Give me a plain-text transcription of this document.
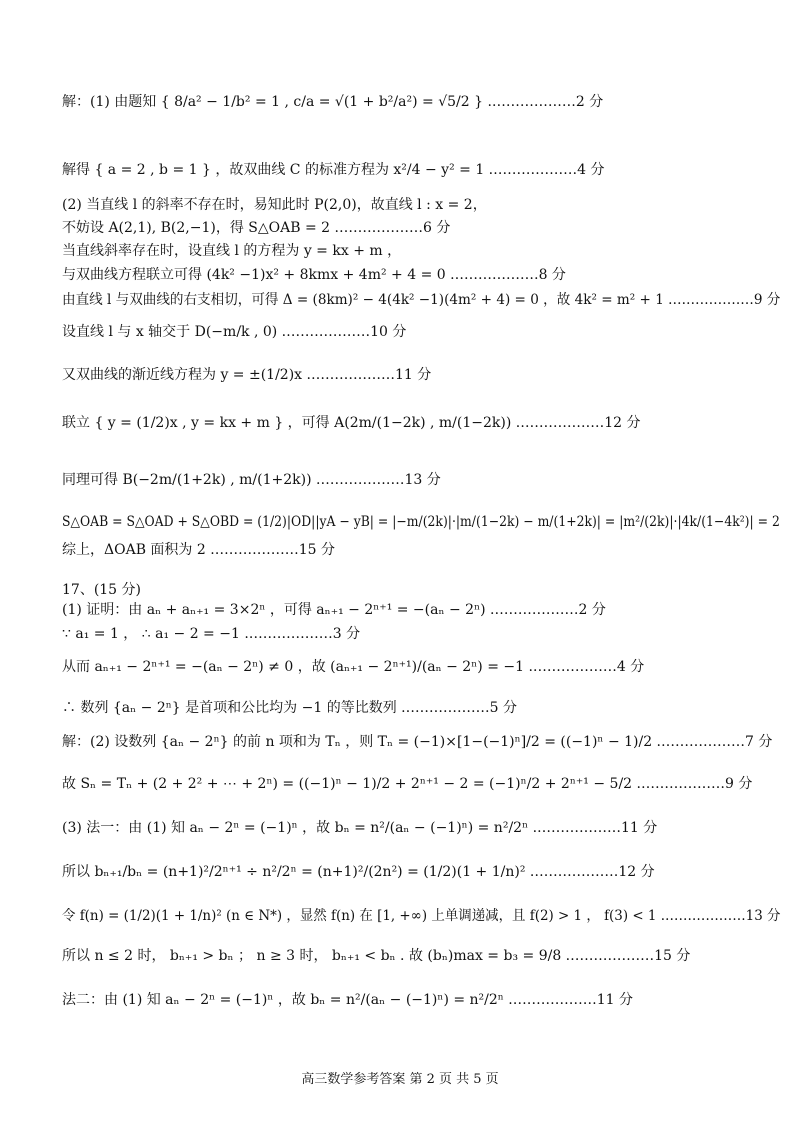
解：(1) 由题知 { 8/a² − 1/b² = 1 , c/a = √(1 + b²/a²) = √5/2 } .………………2 分
解得 { a = 2 , b = 1 } ，故双曲线 C 的标准方程为 x²/4 − y² = 1 .………………4 分
(2) 当直线 l 的斜率不存在时，易知此时 P(2,0)，故直线 l : x = 2，
不妨设 A(2,1), B(2,−1)，得 S△OAB = 2 .………………6 分
当直线斜率存在时，设直线 l 的方程为 y = kx + m ，
与双曲线方程联立可得 (4k² −1)x² + 8kmx + 4m² + 4 = 0 .………………8 分
由直线 l 与双曲线的右支相切，可得 Δ = (8km)² − 4(4k² −1)(4m² + 4) = 0 ，故 4k² = m² + 1 .………………9 分
设直线 l 与 x 轴交于 D(−m/k , 0) .………………10 分
又双曲线的渐近线方程为 y = ±(1/2)x .………………11 分
联立 { y = (1/2)x , y = kx + m } ，可得 A(2m/(1−2k) , m/(1−2k)) .………………12 分
同理可得 B(−2m/(1+2k) , m/(1+2k)) .………………13 分
S△OAB = S△OAD + S△OBD = (1/2)|OD||yA − yB| = |−m/(2k)|·|m/(1−2k) − m/(1+2k)| = |m²/(2k)|·|4k/(1−4k²)| = 2
综上，ΔOAB 面积为 2 .………………15 分
17、(15 分)
(1) 证明：由 aₙ + aₙ₊₁ = 3×2ⁿ ，可得 aₙ₊₁ − 2ⁿ⁺¹ = −(aₙ − 2ⁿ) .………………2 分
∵ a₁ = 1 ， ∴ a₁ − 2 = −1 .………………3 分
从而 aₙ₊₁ − 2ⁿ⁺¹ = −(aₙ − 2ⁿ) ≠ 0 ，故 (aₙ₊₁ − 2ⁿ⁺¹)/(aₙ − 2ⁿ) = −1 .………………4 分
∴ 数列 {aₙ − 2ⁿ} 是首项和公比均为 −1 的等比数列 .………………5 分
解：(2) 设数列 {aₙ − 2ⁿ} 的前 n 项和为 Tₙ ，则 Tₙ = (−1)×[1−(−1)ⁿ]/2 = ((−1)ⁿ − 1)/2 .………………7 分
故 Sₙ = Tₙ + (2 + 2² + ⋯ + 2ⁿ) = ((−1)ⁿ − 1)/2 + 2ⁿ⁺¹ − 2 = (−1)ⁿ/2 + 2ⁿ⁺¹ − 5/2 .………………9 分
(3) 法一：由 (1) 知 aₙ − 2ⁿ = (−1)ⁿ ，故 bₙ = n²/(aₙ − (−1)ⁿ) = n²/2ⁿ .………………11 分
所以 bₙ₊₁/bₙ = (n+1)²/2ⁿ⁺¹ ÷ n²/2ⁿ = (n+1)²/(2n²) = (1/2)(1 + 1/n)² .………………12 分
令 f(n) = (1/2)(1 + 1/n)² (n ∈ N*) ，显然 f(n) 在 [1, +∞) 上单调递减，且 f(2) > 1 ， f(3) < 1 .………………13 分
所以 n ≤ 2 时， bₙ₊₁ > bₙ ； n ≥ 3 时， bₙ₊₁ < bₙ . 故 (bₙ)max = b₃ = 9/8 .………………15 分
法二：由 (1) 知 aₙ − 2ⁿ = (−1)ⁿ ，故 bₙ = n²/(aₙ − (−1)ⁿ) = n²/2ⁿ .………………11 分
高三数学参考答案 第 2 页 共 5 页
